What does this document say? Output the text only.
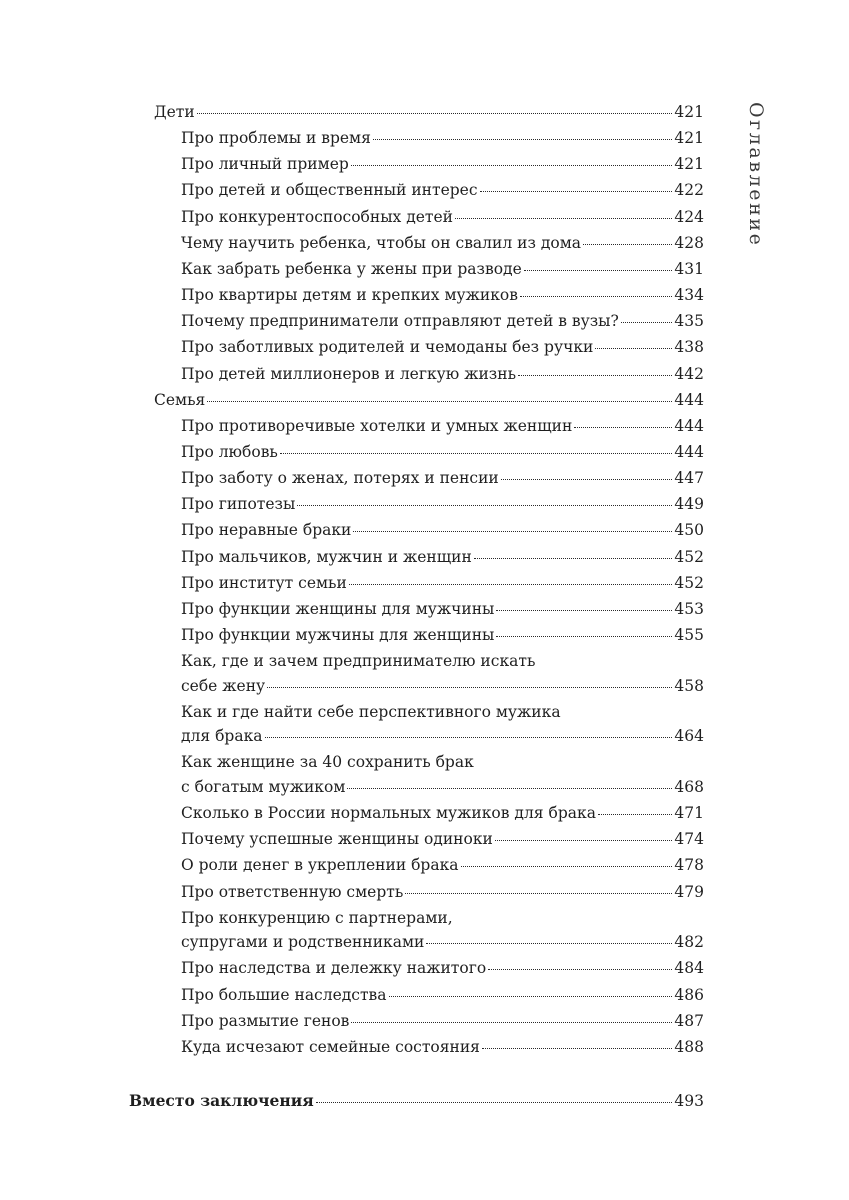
Оглавление
Дети	421
Про проблемы и время	421
Про личный пример	421
Про детей и общественный интерес	422
Про конкурентоспособных детей	424
Чему научить ребенка, чтобы он свалил из дома	428
Как забрать ребенка у жены при разводе	431
Про квартиры детям и крепких мужиков	434
Почему предприниматели отправляют детей в вузы?	435
Про заботливых родителей и чемоданы без ручки	438
Про детей миллионеров и легкую жизнь	442
Семья	444
Про противоречивые хотелки и умных женщин	444
Про любовь	444
Про заботу о женах, потерях и пенсии	447
Про гипотезы	449
Про неравные браки	450
Про мальчиков, мужчин и женщин	452
Про институт семьи	452
Про функции женщины для мужчины	453
Про функции мужчины для женщины	455
Как, где и зачем предпринимателю искать
себе жену	458
Как и где найти себе перспективного мужика
для брака	464
Как женщине за 40 сохранить брак
с богатым мужиком	468
Сколько в России нормальных мужиков для брака	471
Почему успешные женщины одиноки	474
О роли денег в укреплении брака	478
Про ответственную смерть	479
Про конкуренцию с партнерами,
супругами и родственниками	482
Про наследства и дележку нажитого	484
Про большие наследства	486
Про размытие генов	487
Куда исчезают семейные состояния	488
Вместо заключения	493
